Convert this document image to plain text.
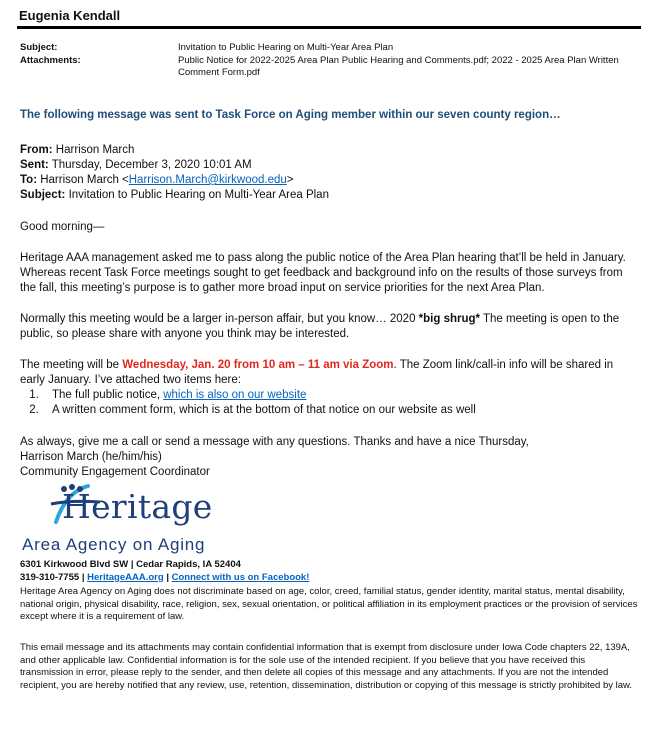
Eugenia Kendall
Subject:	Invitation to Public Hearing on Multi-Year Area Plan
Attachments:	Public Notice for 2022-2025 Area Plan Public Hearing and Comments.pdf; 2022 - 2025 Area Plan Written Comment Form.pdf
The following message was sent to Task Force on Aging member within our seven county region…
From: Harrison March
Sent: Thursday, December 3, 2020 10:01 AM
To: Harrison March <Harrison.March@kirkwood.edu>
Subject: Invitation to Public Hearing on Multi-Year Area Plan
Good morning—
Heritage AAA management asked me to pass along the public notice of the Area Plan hearing that’ll be held in January. Whereas recent Task Force meetings sought to get feedback and background info on the results of those surveys from the fall, this meeting’s purpose is to gather more broad input on service priorities for the next Area Plan.
Normally this meeting would be a larger in-person affair, but you know… 2020 *big shrug* The meeting is open to the public, so please share with anyone you think may be interested.
The meeting will be Wednesday, Jan. 20 from 10 am – 11 am via Zoom. The Zoom link/call-in info will be shared in early January. I’ve attached two items here:
1. The full public notice, which is also on our website
2. A written comment form, which is at the bottom of that notice on our website as well
As always, give me a call or send a message with any questions. Thanks and have a nice Thursday,
Harrison March (he/him/his)
Community Engagement Coordinator
Heritage
Area Agency on Aging
6301 Kirkwood Blvd SW | Cedar Rapids, IA 52404
319-310-7755 | HeritageAAA.org | Connect with us on Facebook!
Heritage Area Agency on Aging does not discriminate based on age, color, creed, familial status, gender identity, marital status, mental disability, national origin, physical disability, race, religion, sex, sexual orientation, or political affiliation in its employment practices or the provision of services except where it is a requirement of law.
This email message and its attachments may contain confidential information that is exempt from disclosure under Iowa Code chapters 22, 139A, and other applicable law. Confidential information is for the sole use of the intended recipient. If you believe that you have received this transmission in error, please reply to the sender, and then delete all copies of this message and any attachments. If you are not the intended recipient, you are hereby notified that any review, use, retention, dissemination, distribution or copying of this message is strictly prohibited by law.
